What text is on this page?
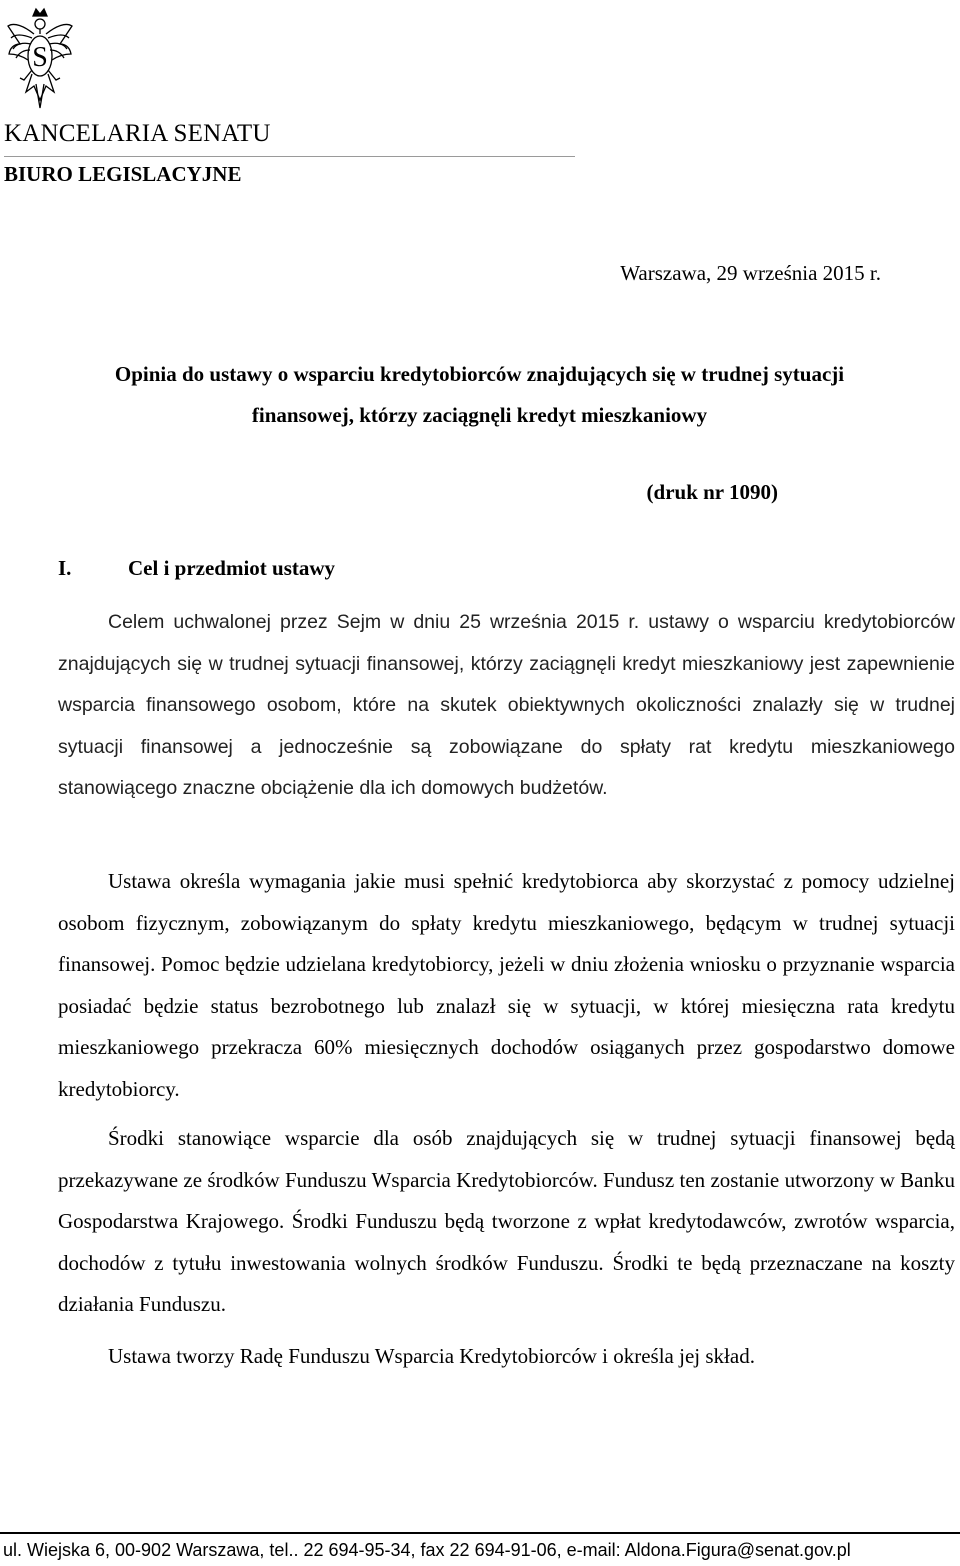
S
KANCELARIA SENATU
BIURO LEGISLACYJNE
Warszawa, 29 września 2015 r.
Opinia do ustawy o wsparciu kredytobiorców znajdujących się w trudnej sytuacji
finansowej, którzy zaciągnęli kredyt mieszkaniowy
(druk nr 1090)
I.	Cel i przedmiot ustawy

Celem uchwalonej przez Sejm w dniu 25 września 2015 r. ustawy o wsparciu kredytobiorców znajdujących się w trudnej sytuacji finansowej, którzy zaciągnęli kredyt mieszkaniowy jest zapewnienie wsparcia finansowego osobom, które na skutek obiektywnych okoliczności znalazły się w trudnej sytuacji finansowej a jednocześnie są zobowiązane do spłaty rat kredytu mieszkaniowego stanowiącego znaczne obciążenie dla ich domowych budżetów.

Ustawa określa wymagania jakie musi spełnić kredytobiorca aby skorzystać z pomocy udzielnej osobom fizycznym, zobowiązanym do spłaty kredytu mieszkaniowego, będącym w trudnej sytuacji finansowej. Pomoc będzie udzielana kredytobiorcy, jeżeli w dniu złożenia wniosku o przyznanie wsparcia posiadać będzie status bezrobotnego lub znalazł się w sytuacji, w której miesięczna rata kredytu mieszkaniowego przekracza 60% miesięcznych dochodów osiąganych przez gospodarstwo domowe kredytobiorcy.

Środki stanowiące wsparcie dla osób znajdujących się w trudnej sytuacji finansowej będą przekazywane ze środków Funduszu Wsparcia Kredytobiorców. Fundusz ten zostanie utworzony w Banku Gospodarstwa Krajowego. Środki Funduszu będą tworzone z wpłat kredytodawców, zwrotów wsparcia, dochodów z tytułu inwestowania wolnych środków Funduszu. Środki te będą przeznaczane na koszty działania Funduszu.

Ustawa tworzy Radę Funduszu Wsparcia Kredytobiorców i określa jej skład.

ul. Wiejska 6, 00-902 Warszawa, tel.. 22 694-95-34, fax 22 694-91-06, e-mail: Aldona.Figura@senat.gov.pl
